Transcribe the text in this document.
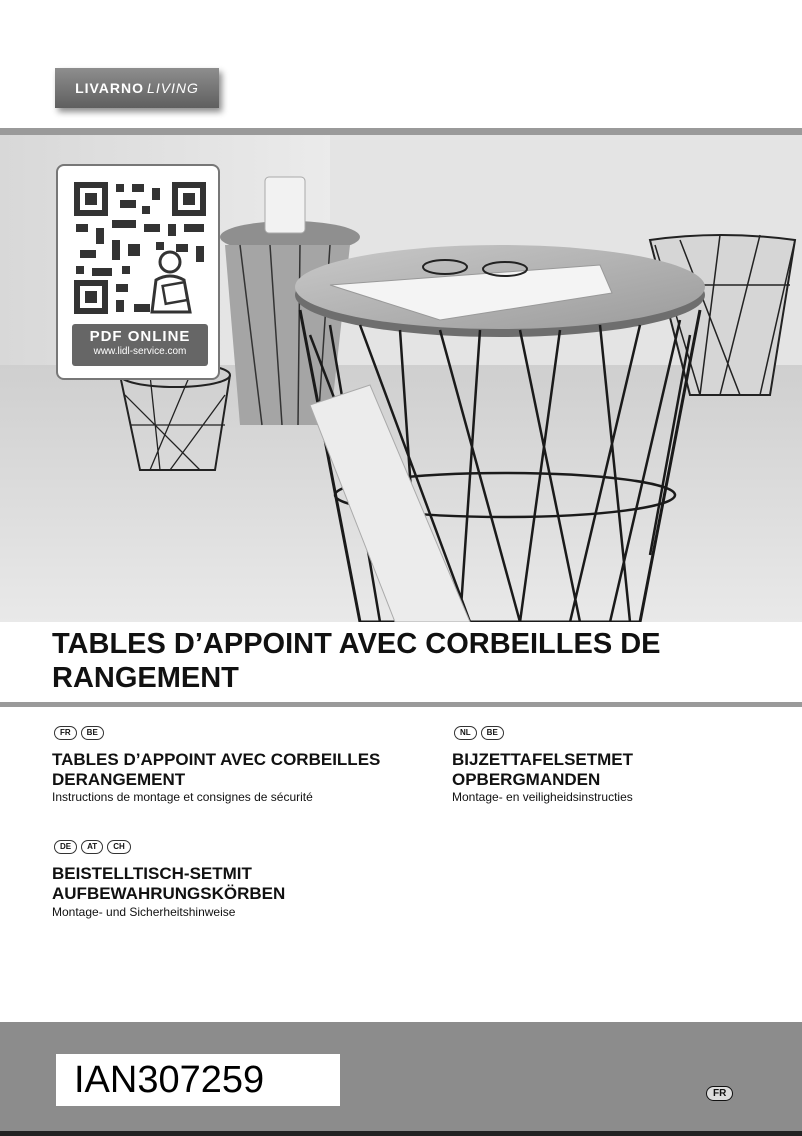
LIVARNO LIVING
PDF ONLINE
www.lidl-service.com
TABLES D’APPOINT AVEC CORBEILLES DE RANGEMENT
FR	BE
TABLES D’APPOINT AVEC CORBEILLES DERANGEMENT
Instructions de montage et consignes de sécurité
NL	BE
BIJZETTAFELSETMET OPBERGMANDEN
Montage- en veiligheidsinstructies
DE	AT	CH
BEISTELLTISCH-SETMIT AUFBEWAHRUNGSKÖRBEN
Montage- und Sicherheitshinweise
IAN307259	FR
